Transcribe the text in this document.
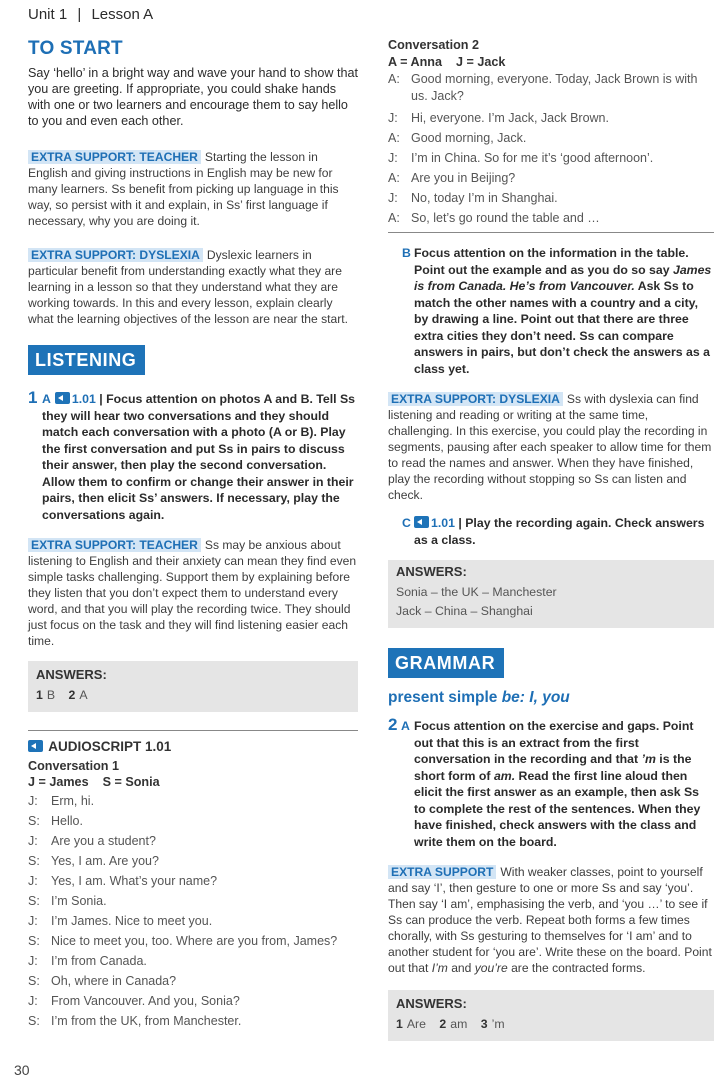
Unit 1 | Lesson A
TO START

Say ‘hello’ in a bright way and wave your hand to show that you are greeting. If appropriate, you could shake hands with one or two learners and encourage them to say hello to you and even each other.

EXTRA SUPPORT: TEACHER Starting the lesson in English and giving instructions in English may be new for many learners. Ss benefit from picking up language in this way, so persist with it and explain, in Ss’ first language if necessary, why you are doing it.
EXTRA SUPPORT: DYSLEXIA Dyslexic learners in particular benefit from understanding exactly what they are learning in a lesson so that they understand what they are working towards. In this and every lesson, explain clearly what the learning objectives of the lesson are near the start.
LISTENING
1 A 1.01 | Focus attention on photos A and B. Tell Ss they will hear two conversations and they should match each conversation with a photo (A or B). Play the first conversation and put Ss in pairs to discuss their answer, then play the second conversation. Allow them to confirm or change their answer in their pairs, then elicit Ss’ answers. If necessary, play the conversations again.
EXTRA SUPPORT: TEACHER Ss may be anxious about listening to English and their anxiety can mean they find even simple tasks challenging. Support them by explaining before they listen that you don’t expect them to understand every word, and that you will play the recording twice. They should just focus on the task and they will find listening easier each time.
ANSWERS:
1 B 2 A
AUDIOSCRIPT 1.01
Conversation 1
J = James    S = Sonia
J: Erm, hi.
S: Hello.
J: Are you a student?
S: Yes, I am. Are you?
J: Yes, I am. What’s your name?
S: I’m Sonia.
J: I’m James. Nice to meet you.
S: Nice to meet you, too. Where are you from, James?
J: I’m from Canada.
S: Oh, where in Canada?
J: From Vancouver. And you, Sonia?
S: I’m from the UK, from Manchester.
Conversation 2
A = Anna    J = Jack
A: Good morning, everyone. Today, Jack Brown is with us. Jack?
J: Hi, everyone. I’m Jack, Jack Brown.
A: Good morning, Jack.
J: I’m in China. So for me it’s ‘good afternoon’.
A: Are you in Beijing?
J: No, today I’m in Shanghai.
A: So, let’s go round the table and …
B Focus attention on the information in the table. Point out the example and as you do so say James is from Canada. He’s from Vancouver. Ask Ss to match the other names with a country and a city, by drawing a line. Point out that there are three extra cities they don’t need. Ss can compare answers in pairs, but don’t check the answers as a class yet.
EXTRA SUPPORT: DYSLEXIA Ss with dyslexia can find listening and reading or writing at the same time, challenging. In this exercise, you could play the recording in segments, pausing after each speaker to allow time for them to read the names and answer. When they have finished, play the recording without stopping so Ss can listen and check.
C 1.01 | Play the recording again. Check answers as a class.
ANSWERS:
Sonia – the UK – Manchester
Jack – China – Shanghai
GRAMMAR
present simple be: I, you
2 A Focus attention on the exercise and gaps. Point out that this is an extract from the first conversation in the recording and that ’m is the short form of am. Read the first line aloud then elicit the first answer as an example, then ask Ss to complete the rest of the sentences. When they have finished, check answers with the class and write them on the board.
EXTRA SUPPORT With weaker classes, point to yourself and say ‘I’, then gesture to one or more Ss and say ‘you’. Then say ‘I am’, emphasising the verb, and ‘you …’ to see if Ss can produce the verb. Repeat both forms a few times chorally, with Ss gesturing to themselves for ‘I am’ and to another student for ‘you are’. Write these on the board. Point out that I’m and you’re are the contracted forms.
ANSWERS:
1 Are 2 am 3 ’m
30
